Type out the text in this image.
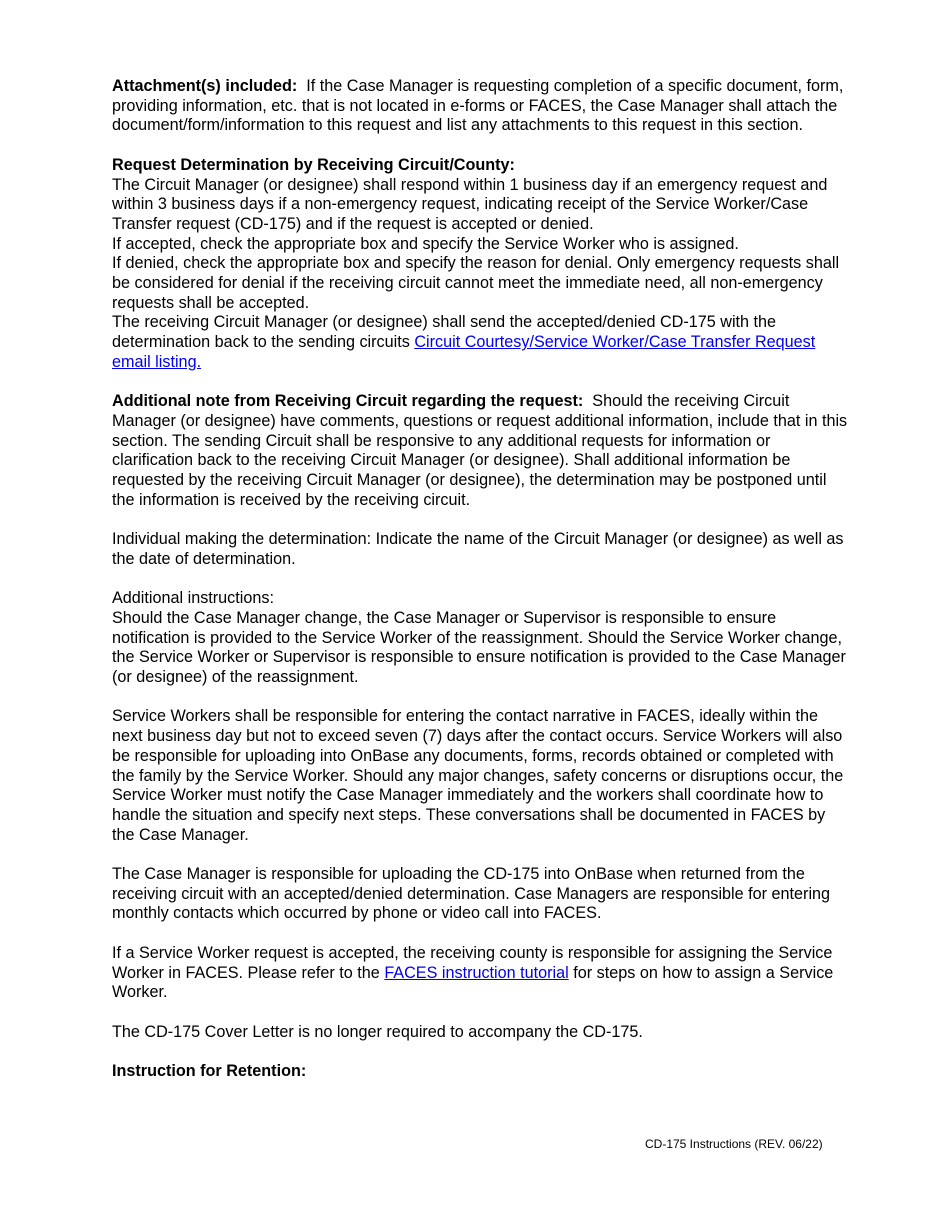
Attachment(s) included: If the Case Manager is requesting completion of a specific document, form, providing information, etc. that is not located in e-forms or FACES, the Case Manager shall attach the document/form/information to this request and list any attachments to this request in this section.

Request Determination by Receiving Circuit/County:

The Circuit Manager (or designee) shall respond within 1 business day if an emergency request and within 3 business days if a non-emergency request, indicating receipt of the Service Worker/Case Transfer request (CD-175) and if the request is accepted or denied.

If accepted, check the appropriate box and specify the Service Worker who is assigned.

If denied, check the appropriate box and specify the reason for denial. Only emergency requests shall be considered for denial if the receiving circuit cannot meet the immediate need, all non-emergency requests shall be accepted.

The receiving Circuit Manager (or designee) shall send the accepted/denied CD-175 with the determination back to the sending circuits Circuit Courtesy/Service Worker/Case Transfer Request email listing.

Additional note from Receiving Circuit regarding the request: Should the receiving Circuit Manager (or designee) have comments, questions or request additional information, include that in this section. The sending Circuit shall be responsive to any additional requests for information or clarification back to the receiving Circuit Manager (or designee). Shall additional information be requested by the receiving Circuit Manager (or designee), the determination may be postponed until the information is received by the receiving circuit.

Individual making the determination: Indicate the name of the Circuit Manager (or designee) as well as the date of determination.

Additional instructions:

Should the Case Manager change, the Case Manager or Supervisor is responsible to ensure notification is provided to the Service Worker of the reassignment. Should the Service Worker change, the Service Worker or Supervisor is responsible to ensure notification is provided to the Case Manager (or designee) of the reassignment.

Service Workers shall be responsible for entering the contact narrative in FACES, ideally within the next business day but not to exceed seven (7) days after the contact occurs. Service Workers will also be responsible for uploading into OnBase any documents, forms, records obtained or completed with the family by the Service Worker. Should any major changes, safety concerns or disruptions occur, the Service Worker must notify the Case Manager immediately and the workers shall coordinate how to handle the situation and specify next steps. These conversations shall be documented in FACES by the Case Manager.

The Case Manager is responsible for uploading the CD-175 into OnBase when returned from the receiving circuit with an accepted/denied determination. Case Managers are responsible for entering monthly contacts which occurred by phone or video call into FACES.

If a Service Worker request is accepted, the receiving county is responsible for assigning the Service Worker in FACES. Please refer to the FACES instruction tutorial for steps on how to assign a Service Worker.

The CD-175 Cover Letter is no longer required to accompany the CD-175.

Instruction for Retention:

CD-175 Instructions (REV. 06/22)
